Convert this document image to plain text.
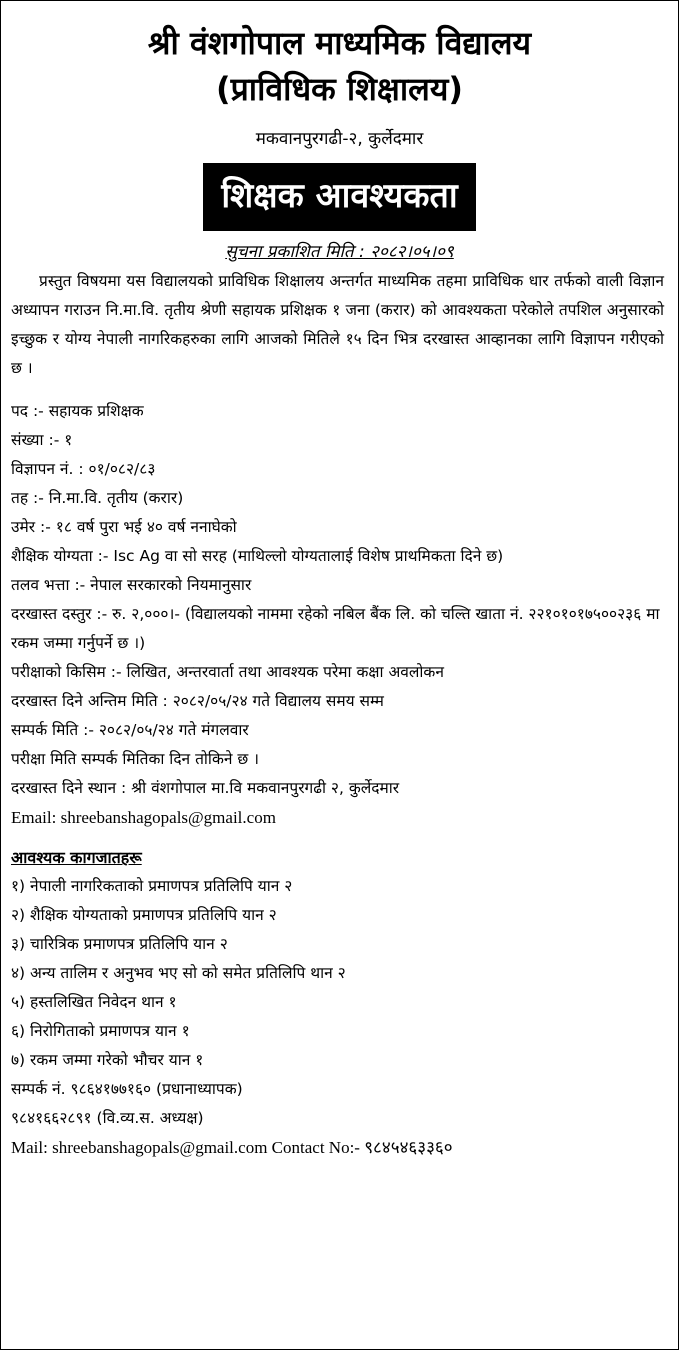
श्री वंशगोपाल माध्यमिक विद्यालय
(प्राविधिक शिक्षालय)
मकवानपुरगढी-२, कुर्लेदमार
शिक्षक आवश्यकता
सुचना प्रकाशित मिति : २०८२।०५।०९
प्रस्तुत विषयमा यस विद्यालयको प्राविधिक शिक्षालय अन्तर्गत माध्यमिक तहमा प्राविधिक धार तर्फको वाली विज्ञान अध्यापन गराउन नि.मा.वि. तृतीय श्रेणी सहायक प्रशिक्षक १ जना (करार) को आवश्यकता परेकोले तपशिल अनुसारको इच्छुक र योग्य नेपाली नागरिकहरुका लागि आजको मितिले १५ दिन भित्र दरखास्त आव्हानका लागि विज्ञापन गरीएको छ ।
पद :- सहायक प्रशिक्षक
संख्या :- १
विज्ञापन नं. : ०१/०८२/८३
तह :- नि.मा.वि. तृतीय (करार)
उमेर :- १८ वर्ष पुरा भई ४० वर्ष ननाघेको
शैक्षिक योग्यता :- Isc Ag वा सो सरह (माथिल्लो योग्यतालाई विशेष प्राथमिकता दिने छ)
तलव भत्ता :- नेपाल सरकारको नियमानुसार
दरखास्त दस्तुर :- रु. २,०००।- (विद्यालयको नाममा रहेको नबिल बैंक लि. को चल्ति खाता नं. २२१०१०१७५००२३६ मा रकम जम्मा गर्नुपर्ने छ ।)
परीक्षाको किसिम :- लिखित, अन्तरवार्ता तथा आवश्यक परेमा कक्षा अवलोकन
दरखास्त दिने अन्तिम मिति : २०८२/०५/२४ गते विद्यालय समय सम्म
सम्पर्क मिति :- २०८२/०५/२४ गते मंगलवार
परीक्षा मिति सम्पर्क मितिका दिन तोकिने छ ।
दरखास्त दिने स्थान : श्री वंशगोपाल मा.वि मकवानपुरगढी २, कुर्लेदमार
Email: shreebanshagopals@gmail.com
आवश्यक कागजातहरू
१) नेपाली नागरिकताको प्रमाणपत्र प्रतिलिपि यान २
२) शैक्षिक योग्यताको प्रमाणपत्र प्रतिलिपि यान २
३) चारित्रिक प्रमाणपत्र प्रतिलिपि यान २
४) अन्य तालिम र अनुभव भए सो को समेत प्रतिलिपि थान २
५) हस्तलिखित निवेदन थान १
६) निरोगिताको प्रमाणपत्र यान १
७) रकम जम्मा गरेको भौचर यान १
सम्पर्क नं. ९८६४१७७१६० (प्रधानाध्यापक)
९८४१६६२८९१ (वि.व्य.स. अध्यक्ष)
Mail: shreebanshagopals@gmail.com Contact No:- ९८४५४६३३६०
